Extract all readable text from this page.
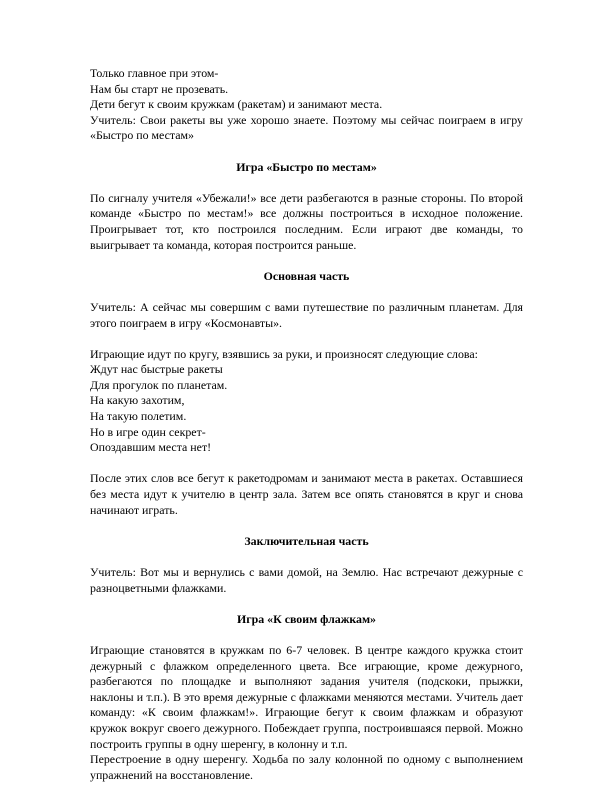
Только главное при этом-
Нам бы старт не прозевать.
Дети бегут к своим кружкам (ракетам) и занимают места.

Учитель: Свои ракеты вы уже хорошо знаете. Поэтому мы сейчас поиграем в игру «Быстро по местам»

Игра «Быстро по местам»

По сигналу учителя «Убежали!» все дети разбегаются в разные стороны. По второй команде «Быстро по местам!» все должны построиться в исходное положение. Проигрывает тот, кто построился последним. Если играют две команды, то выигрывает та команда, которая построится раньше.

Основная часть

Учитель: А сейчас мы совершим с вами путешествие по различным планетам. Для этого поиграем в игру «Космонавты».

Играющие идут по кругу, взявшись за руки, и произносят следующие слова:
Ждут нас быстрые ракеты
Для прогулок по планетам.
На какую захотим,
На такую полетим.
Но в игре один секрет-
Опоздавшим места нет!

После этих слов все бегут к ракетодромам и занимают места в ракетах. Оставшиеся без места идут к учителю в центр зала. Затем все опять становятся в круг и снова начинают играть.

Заключительная часть

Учитель: Вот мы и вернулись с вами домой, на Землю. Нас встречают дежурные с разноцветными флажками.

Игра «К своим флажкам»

Играющие становятся в кружкам по 6-7 человек. В центре каждого кружка стоит дежурный с флажком определенного цвета. Все играющие, кроме дежурного, разбегаются по площадке и выполняют задания учителя (подскоки, прыжки, наклоны и т.п.). В это время дежурные с флажками меняются местами. Учитель дает команду: «К своим флажкам!». Играющие бегут к своим флажкам и образуют кружок вокруг своего дежурного. Побеждает группа, построившаяся первой. Можно построить группы в одну шеренгу, в колонну и т.п.

Перестроение в одну шеренгу. Ходьба по залу колонной по одному с выполнением упражнений на восстановление.
